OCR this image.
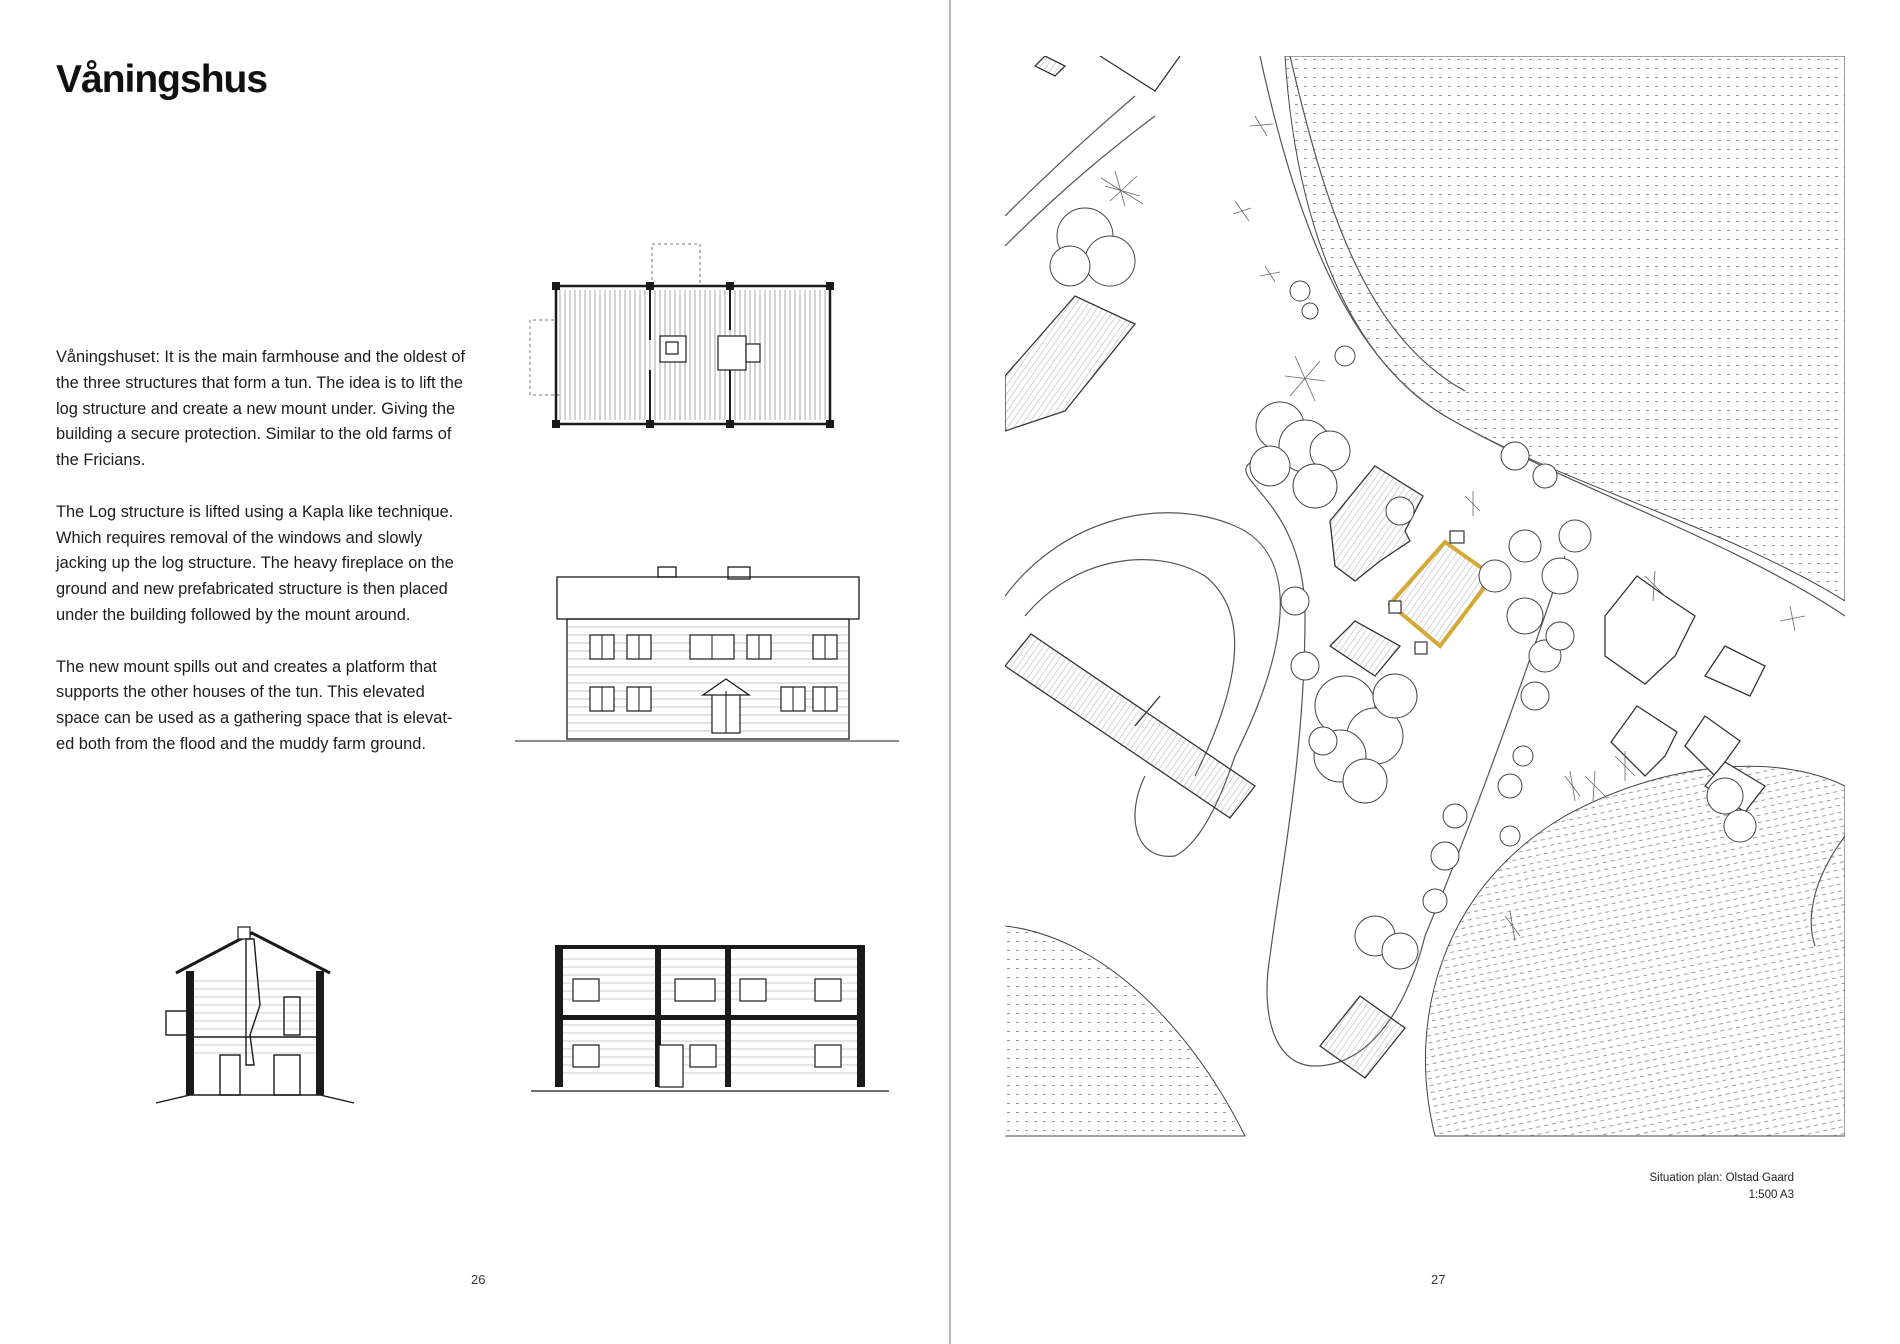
Våningshus

Våningshuset: It is the main farmhouse and the oldest of the three structures that form a tun. The idea is to lift the log structure and create a new mount under. Giving the building a secure protection. Similar to the old farms of the Fricians.

The Log structure is lifted using a Kapla like technique. Which requires removal of the windows and slowly jacking up the log structure. The heavy fireplace on the ground and new prefabricated structure is then placed under the building followed by the mount around.

The new mount spills out and creates a platform that supports the other houses of the tun. This elevated space can be used as a gathering space that is elevat-ed both from the flood and the muddy farm ground.

26
Situation plan: Olstad Gaard
1:500 A3
27
